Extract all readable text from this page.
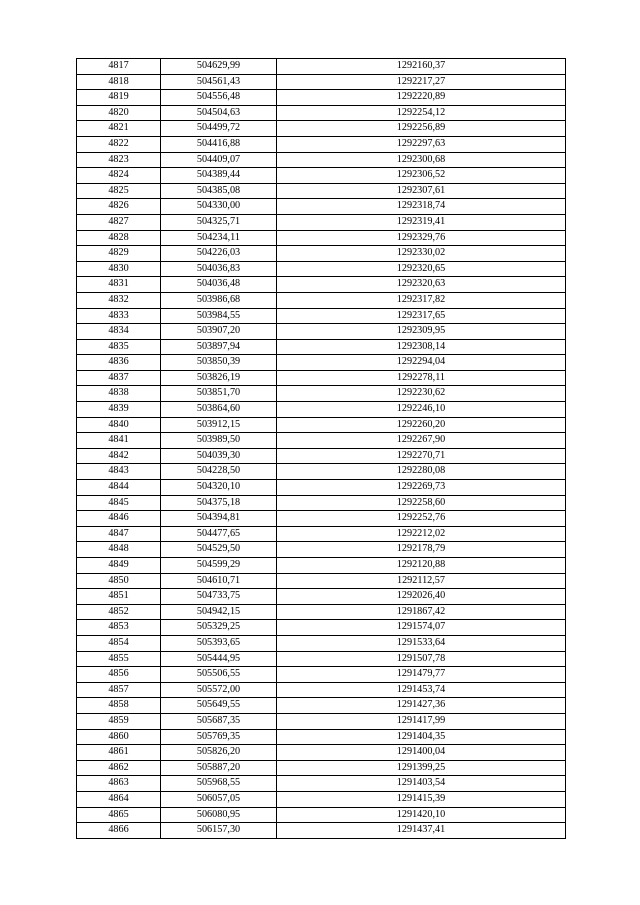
4817	504629,99	1292160,37
4818	504561,43	1292217,27
4819	504556,48	1292220,89
4820	504504,63	1292254,12
4821	504499,72	1292256,89
4822	504416,88	1292297,63
4823	504409,07	1292300,68
4824	504389,44	1292306,52
4825	504385,08	1292307,61
4826	504330,00	1292318,74
4827	504325,71	1292319,41
4828	504234,11	1292329,76
4829	504226,03	1292330,02
4830	504036,83	1292320,65
4831	504036,48	1292320,63
4832	503986,68	1292317,82
4833	503984,55	1292317,65
4834	503907,20	1292309,95
4835	503897,94	1292308,14
4836	503850,39	1292294,04
4837	503826,19	1292278,11
4838	503851,70	1292230,62
4839	503864,60	1292246,10
4840	503912,15	1292260,20
4841	503989,50	1292267,90
4842	504039,30	1292270,71
4843	504228,50	1292280,08
4844	504320,10	1292269,73
4845	504375,18	1292258,60
4846	504394,81	1292252,76
4847	504477,65	1292212,02
4848	504529,50	1292178,79
4849	504599,29	1292120,88
4850	504610,71	1292112,57
4851	504733,75	1292026,40
4852	504942,15	1291867,42
4853	505329,25	1291574,07
4854	505393,65	1291533,64
4855	505444,95	1291507,78
4856	505506,55	1291479,77
4857	505572,00	1291453,74
4858	505649,55	1291427,36
4859	505687,35	1291417,99
4860	505769,35	1291404,35
4861	505826,20	1291400,04
4862	505887,20	1291399,25
4863	505968,55	1291403,54
4864	506057,05	1291415,39
4865	506080,95	1291420,10
4866	506157,30	1291437,41
